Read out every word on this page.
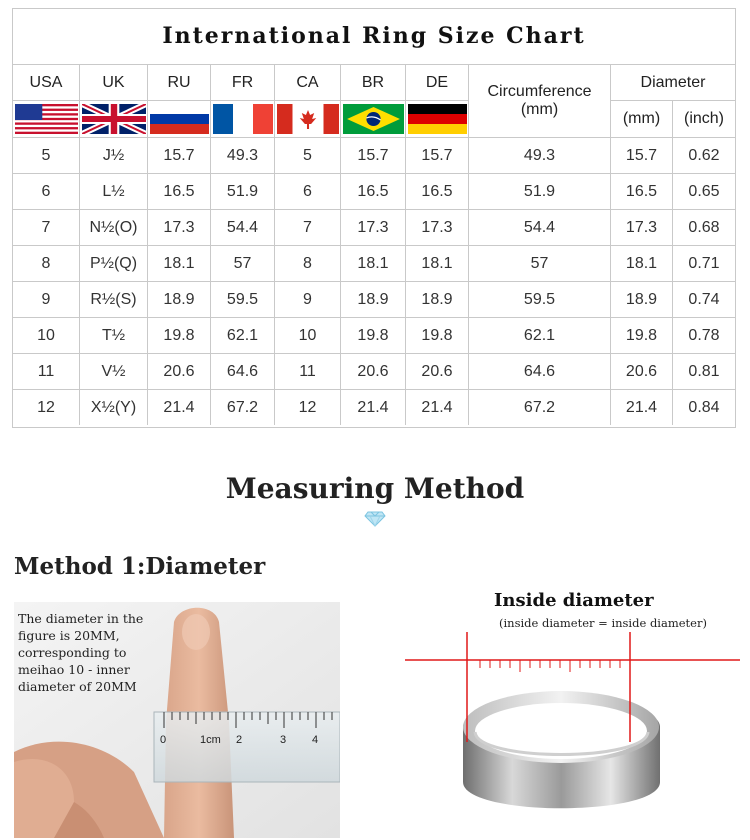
International Ring Size Chart
USA	UK	RU	FR	CA	BR	DE
Circumference
(mm)
Diameter
(mm)	(inch)
5	J½	15.7	49.3	5	15.7	15.7	49.3	15.7	0.62
6	L½	16.5	51.9	6	16.5	16.5	51.9	16.5	0.65
7	N½(O)	17.3	54.4	7	17.3	17.3	54.4	17.3	0.68
8	P½(Q)	18.1	57	8	18.1	18.1	57	18.1	0.71
9	R½(S)	18.9	59.5	9	18.9	18.9	59.5	18.9	0.74
10	T½	19.8	62.1	10	19.8	19.8	62.1	19.8	0.78
11	V½	20.6	64.6	11	20.6	20.6	64.6	20.6	0.81
12	X½(Y)	21.4	67.2	12	21.4	21.4	67.2	21.4	0.84
Measuring Method
Method 1:Diameter
0	1cm 2	3 4
The diameter in the figure is 20MM, corresponding to meihao 10 - inner diameter of 20MM
Inside diameter
(inside diameter = inside diameter)
